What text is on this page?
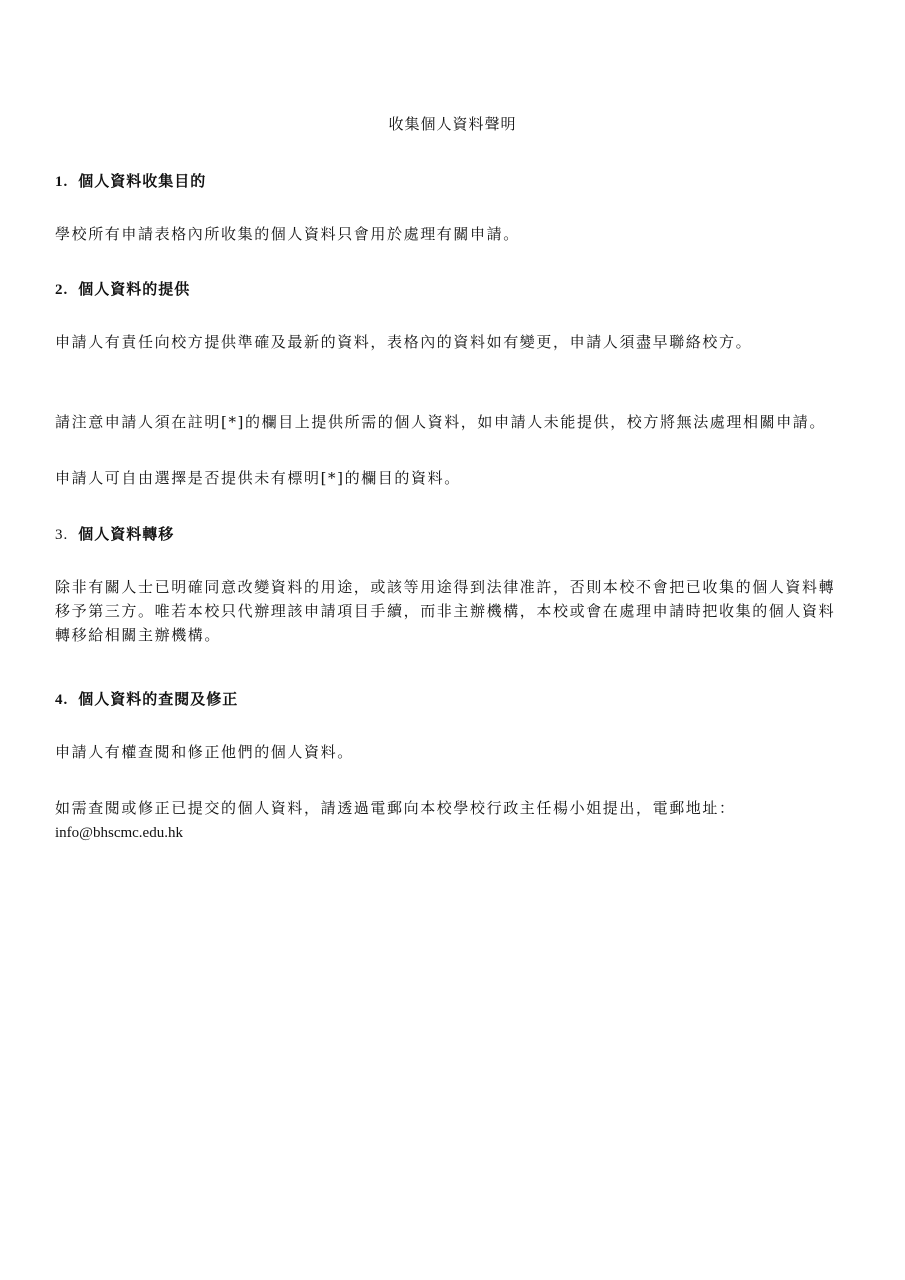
收集個人資料聲明
1. 個人資料收集目的

學校所有申請表格內所收集的個人資料只會用於處理有關申請。

2. 個人資料的提供

申請人有責任向校方提供準確及最新的資料，表格內的資料如有變更，申請人須盡早聯絡校方。

請注意申請人須在註明[*]的欄目上提供所需的個人資料，如申請人未能提供，校方將無法處理相關申請。

申請人可自由選擇是否提供未有標明[*]的欄目的資料。

3. 個人資料轉移

除非有關人士已明確同意改變資料的用途，或該等用途得到法律准許，否則本校不會把已收集的個人資料轉移予第三方。唯若本校只代辦理該申請項目手續，而非主辦機構，本校或會在處理申請時把收集的個人資料轉移給相關主辦機構。

4. 個人資料的查閱及修正

申請人有權查閱和修正他們的個人資料。

如需查閱或修正已提交的個人資料，請透過電郵向本校學校行政主任楊小姐提出，電郵地址：info@bhscmc.edu.hk
